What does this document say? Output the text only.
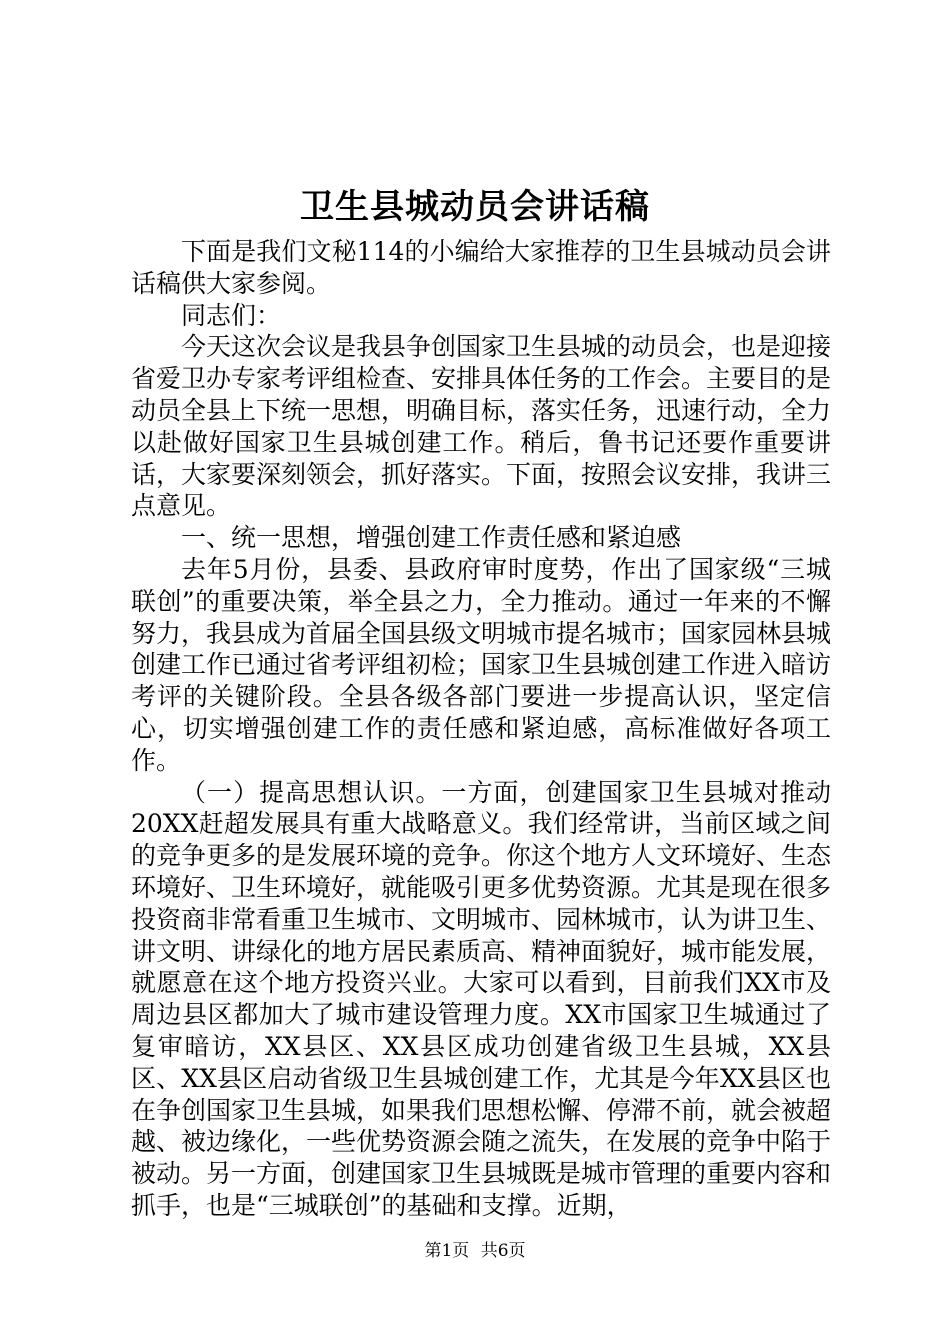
卫生县城动员会讲话稿

下面是我们文秘114的小编给大家推荐的卫生县城动员会讲话稿供大家参阅。

同志们：

今天这次会议是我县争创国家卫生县城的动员会，也是迎接省爱卫办专家考评组检查、安排具体任务的工作会。主要目的是动员全县上下统一思想，明确目标，落实任务，迅速行动，全力以赴做好国家卫生县城创建工作。稍后，鲁书记还要作重要讲话，大家要深刻领会，抓好落实。下面，按照会议安排，我讲三点意见。

一、统一思想，增强创建工作责任感和紧迫感

去年5月份，县委、县政府审时度势，作出了国家级“三城联创”的重要决策，举全县之力，全力推动。通过一年来的不懈努力，我县成为首届全国县级文明城市提名城市；国家园林县城创建工作已通过省考评组初检；国家卫生县城创建工作进入暗访考评的关键阶段。全县各级各部门要进一步提高认识，坚定信心，切实增强创建工作的责任感和紧迫感，高标准做好各项工作。

（一）提高思想认识。一方面，创建国家卫生县城对推动20XX赶超发展具有重大战略意义。我们经常讲，当前区域之间的竞争更多的是发展环境的竞争。你这个地方人文环境好、生态环境好、卫生环境好，就能吸引更多优势资源。尤其是现在很多投资商非常看重卫生城市、文明城市、园林城市，认为讲卫生、讲文明、讲绿化的地方居民素质高、精神面貌好，城市能发展，就愿意在这个地方投资兴业。大家可以看到，目前我们XX市及周边县区都加大了城市建设管理力度。XX市国家卫生城通过了复审暗访，XX县区、XX县区成功创建省级卫生县城，XX县区、XX县区启动省级卫生县城创建工作，尤其是今年XX县区也在争创国家卫生县城，如果我们思想松懈、停滞不前，就会被超越、被边缘化，一些优势资源会随之流失，在发展的竞争中陷于被动。另一方面，创建国家卫生县城既是城市管理的重要内容和抓手，也是“三城联创”的基础和支撑。近期，

第1页 共6页
